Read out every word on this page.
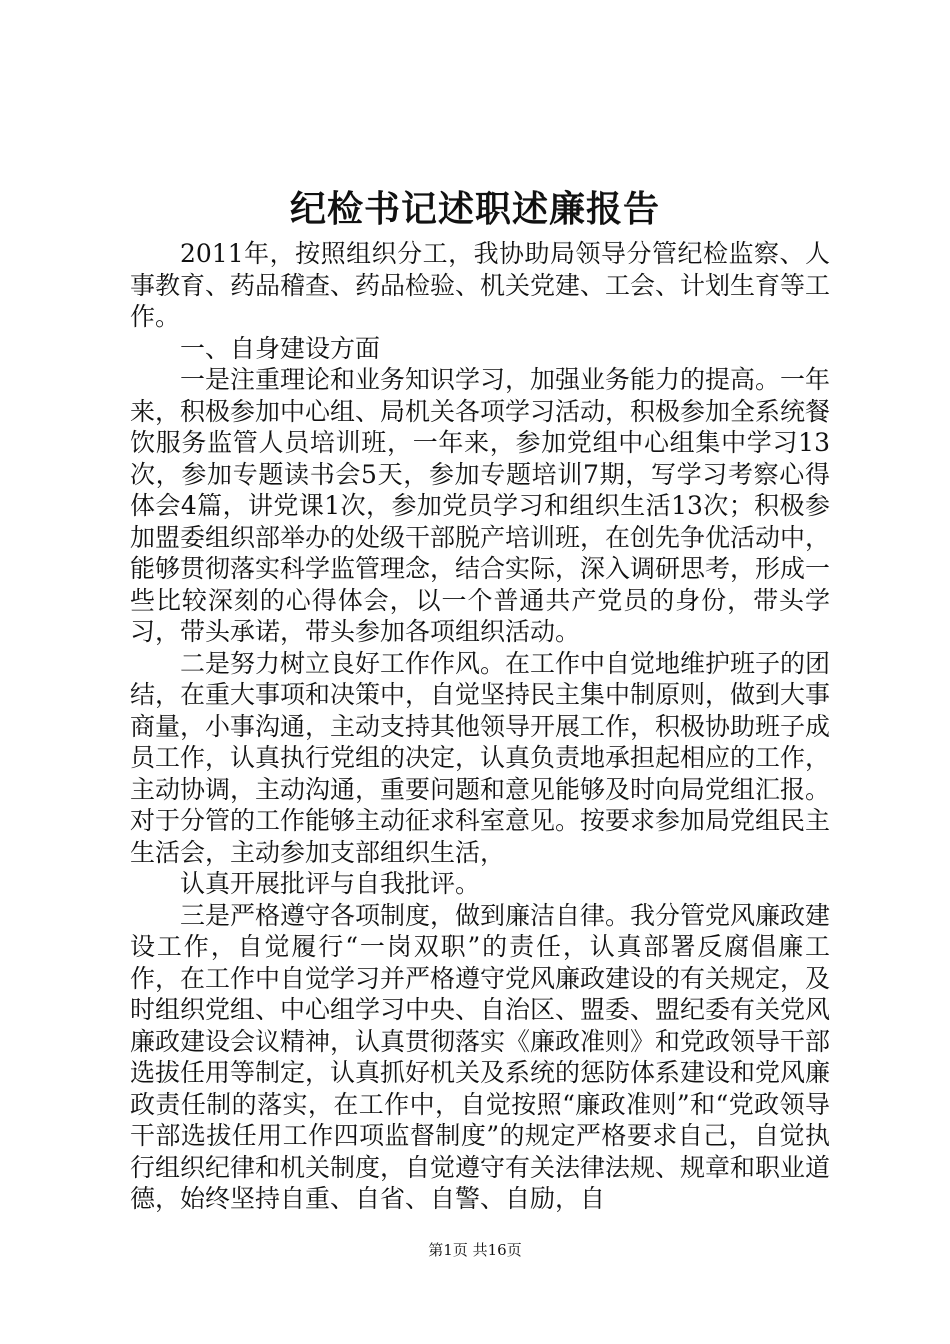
纪检书记述职述廉报告

2011年，按照组织分工，我协助局领导分管纪检监察、人事教育、药品稽查、药品检验、机关党建、工会、计划生育等工作。

一、自身建设方面

一是注重理论和业务知识学习，加强业务能力的提高。一年来，积极参加中心组、局机关各项学习活动，积极参加全系统餐饮服务监管人员培训班，一年来，参加党组中心组集中学习13次，参加专题读书会5天，参加专题培训7期，写学习考察心得体会4篇，讲党课1次，参加党员学习和组织生活13次；积极参加盟委组织部举办的处级干部脱产培训班，在创先争优活动中，能够贯彻落实科学监管理念，结合实际，深入调研思考，形成一些比较深刻的心得体会，以一个普通共产党员的身份，带头学习，带头承诺，带头参加各项组织活动。

二是努力树立良好工作作风。在工作中自觉地维护班子的团结，在重大事项和决策中，自觉坚持民主集中制原则，做到大事商量，小事沟通，主动支持其他领导开展工作，积极协助班子成员工作，认真执行党组的决定，认真负责地承担起相应的工作，主动协调，主动沟通，重要问题和意见能够及时向局党组汇报。对于分管的工作能够主动征求科室意见。按要求参加局党组民主生活会，主动参加支部组织生活，

认真开展批评与自我批评。

三是严格遵守各项制度，做到廉洁自律。我分管党风廉政建设工作，自觉履行“一岗双职”的责任，认真部署反腐倡廉工作，在工作中自觉学习并严格遵守党风廉政建设的有关规定，及时组织党组、中心组学习中央、自治区、盟委、盟纪委有关党风廉政建设会议精神，认真贯彻落实《廉政准则》和党政领导干部选拔任用等制定，认真抓好机关及系统的惩防体系建设和党风廉政责任制的落实，在工作中，自觉按照“廉政准则”和“党政领导干部选拔任用工作四项监督制度”的规定严格要求自己，自觉执行组织纪律和机关制度，自觉遵守有关法律法规、规章和职业道德，始终坚持自重、自省、自警、自励，自

第1页 共16页
